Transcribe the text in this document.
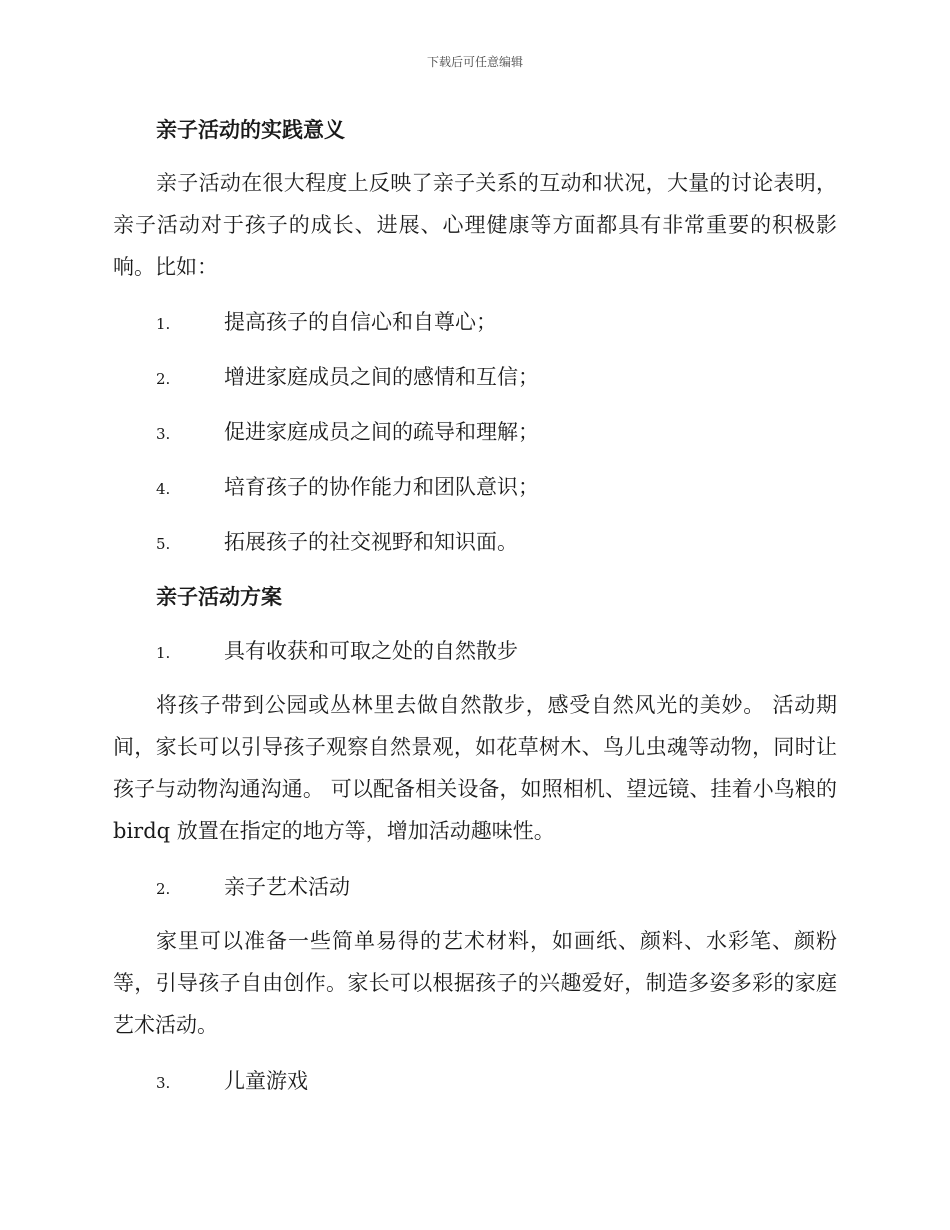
下载后可任意编辑
亲子活动的实践意义
亲子活动在很大程度上反映了亲子关系的互动和状况，大量的讨论表明，亲子活动对于孩子的成长、进展、心理健康等方面都具有非常重要的积极影响。比如：
1.	提高孩子的自信心和自尊心；
2.	增进家庭成员之间的感情和互信；
3.	促进家庭成员之间的疏导和理解；
4.	培育孩子的协作能力和团队意识；
5.	拓展孩子的社交视野和知识面。
亲子活动方案
1.	具有收获和可取之处的自然散步
将孩子带到公园或丛林里去做自然散步，感受自然风光的美妙。 活动期间，家长可以引导孩子观察自然景观，如花草树木、鸟儿虫魂等动物，同时让孩子与动物沟通沟通。 可以配备相关设备，如照相机、望远镜、挂着小鸟粮的 birdq 放置在指定的地方等，增加活动趣味性。
2.	亲子艺术活动
家里可以准备一些简单易得的艺术材料，如画纸、颜料、水彩笔、颜粉等，引导孩子自由创作。家长可以根据孩子的兴趣爱好，制造多姿多彩的家庭艺术活动。
3.	儿童游戏
